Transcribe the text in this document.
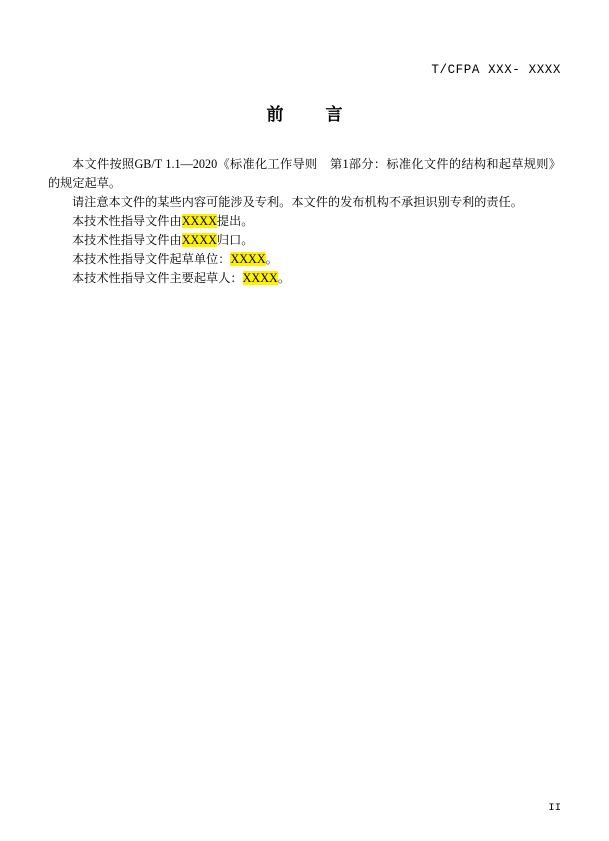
T/CFPA XXX- XXXX
前 言

本文件按照GB/T 1.1—2020《标准化工作导则　第1部分：标准化文件的结构和起草规则》的规定起草。

请注意本文件的某些内容可能涉及专利。本文件的发布机构不承担识别专利的责任。

本技术性指导文件由XXXX提出。

本技术性指导文件由XXXX归口。

本技术性指导文件起草单位：XXXX。

本技术性指导文件主要起草人：XXXX。

II
